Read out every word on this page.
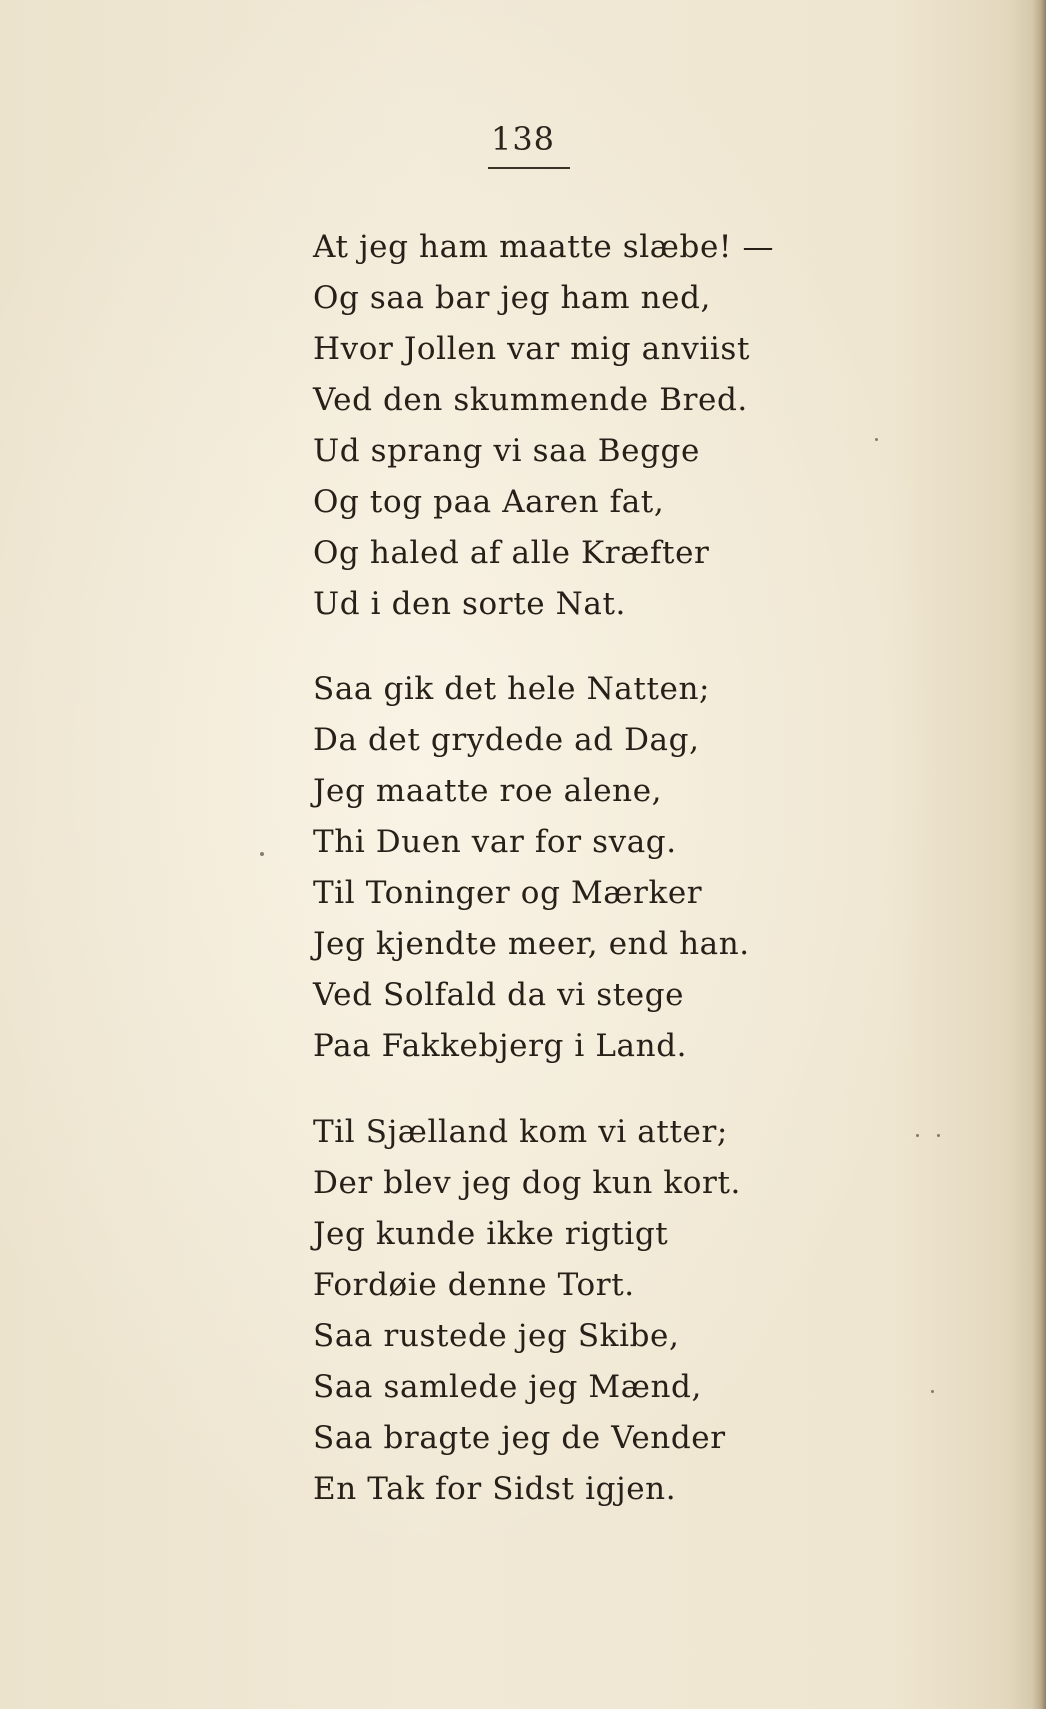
138
At jeg ham maatte slæbe! —
Og saa bar jeg ham ned,
Hvor Jollen var mig anviist
Ved den skummende Bred.
Ud sprang vi saa Begge
Og tog paa Aaren fat,
Og haled af alle Kræfter
Ud i den sorte Nat.
Saa gik det hele Natten;
Da det grydede ad Dag,
Jeg maatte roe alene,
Thi Duen var for svag.
Til Toninger og Mærker
Jeg kjendte meer, end han.
Ved Solfald da vi stege
Paa Fakkebjerg i Land.
Til Sjælland kom vi atter;
Der blev jeg dog kun kort.
Jeg kunde ikke rigtigt
Fordøie denne Tort.
Saa rustede jeg Skibe,
Saa samlede jeg Mænd,
Saa bragte jeg de Vender
En Tak for Sidst igjen.
